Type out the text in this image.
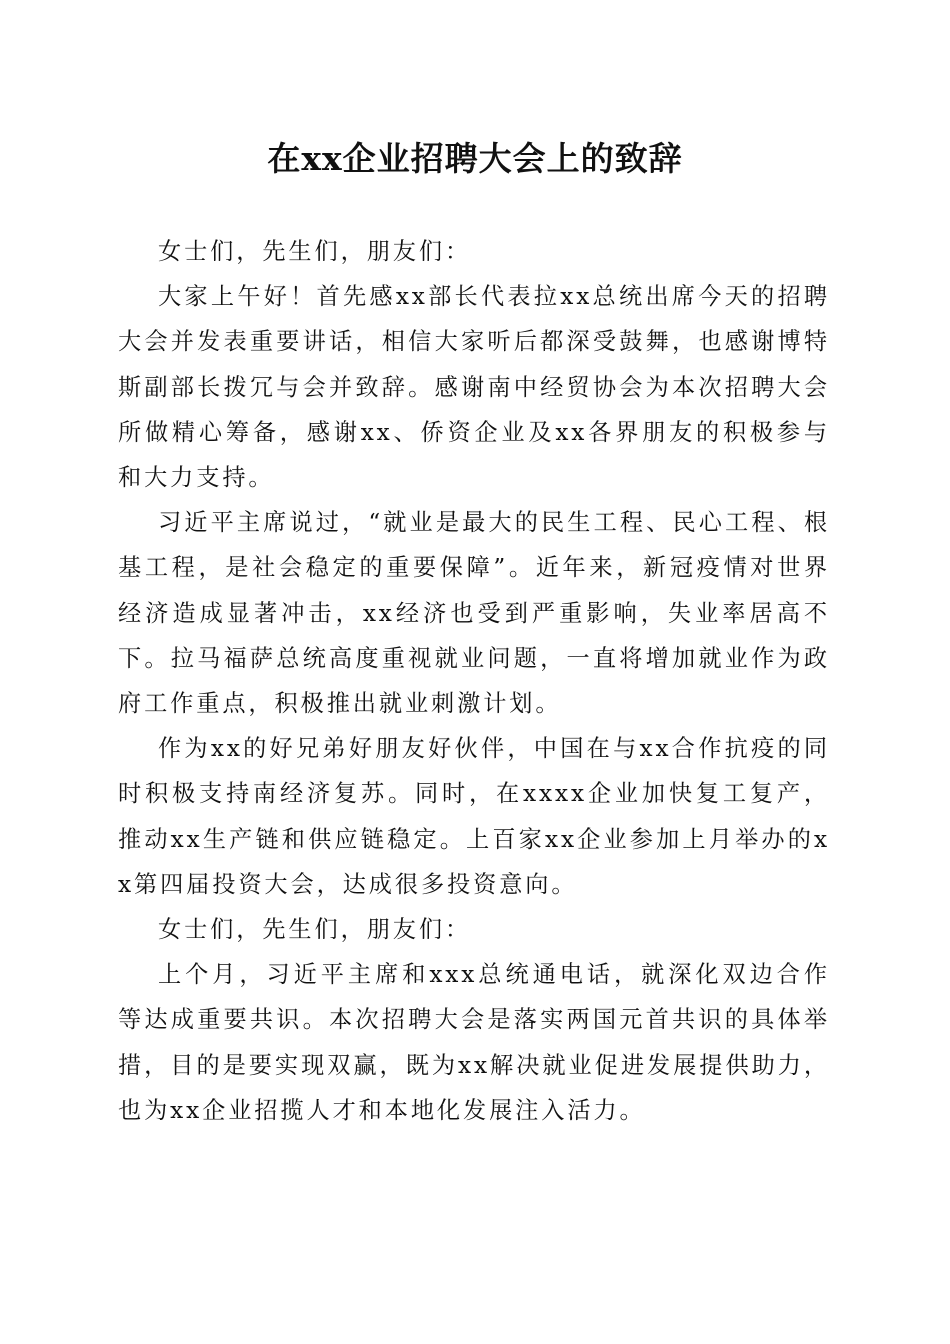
在xx企业招聘大会上的致辞

女士们，先生们，朋友们：

大家上午好！首先感xx部长代表拉xx总统出席今天的招聘大会并发表重要讲话，相信大家听后都深受鼓舞，也感谢博特斯副部长拨冗与会并致辞。感谢南中经贸协会为本次招聘大会所做精心筹备，感谢xx、侨资企业及xx各界朋友的积极参与和大力支持。

习近平主席说过，“就业是最大的民生工程、民心工程、根基工程，是社会稳定的重要保障”。近年来，新冠疫情对世界经济造成显著冲击，xx经济也受到严重影响，失业率居高不下。拉马福萨总统高度重视就业问题，一直将增加就业作为政府工作重点，积极推出就业刺激计划。

作为xx的好兄弟好朋友好伙伴，中国在与xx合作抗疫的同时积极支持南经济复苏。同时，在xxxx企业加快复工复产，推动xx生产链和供应链稳定。上百家xx企业参加上月举办的xx第四届投资大会，达成很多投资意向。

女士们，先生们，朋友们：

上个月，习近平主席和xxx总统通电话，就深化双边合作等达成重要共识。本次招聘大会是落实两国元首共识的具体举措，目的是要实现双赢，既为xx解决就业促进发展提供助力，也为xx企业招揽人才和本地化发展注入活力。
